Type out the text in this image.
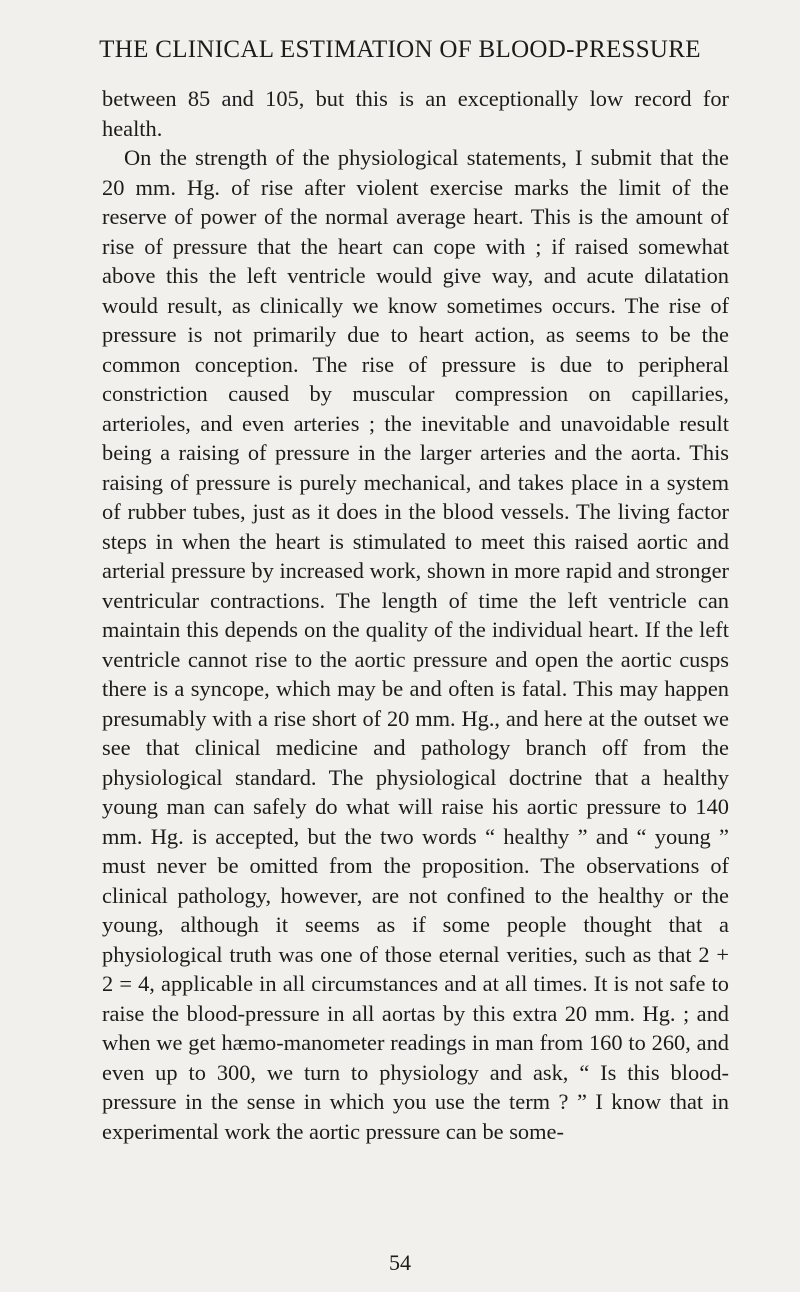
THE CLINICAL ESTIMATION OF BLOOD-PRESSURE

between 85 and 105, but this is an exceptionally low record for health.

On the strength of the physiological statements, I submit that the 20 mm. Hg. of rise after violent exercise marks the limit of the reserve of power of the normal average heart. This is the amount of rise of pressure that the heart can cope with ; if raised somewhat above this the left ventricle would give way, and acute dilatation would result, as clinically we know sometimes occurs. The rise of pressure is not primarily due to heart action, as seems to be the common conception. The rise of pressure is due to peripheral constriction caused by muscular compression on capillaries, arterioles, and even arteries ; the inevitable and unavoidable result being a raising of pressure in the larger arteries and the aorta. This raising of pressure is purely mechanical, and takes place in a system of rubber tubes, just as it does in the blood vessels. The living factor steps in when the heart is stimulated to meet this raised aortic and arterial pressure by increased work, shown in more rapid and stronger ventricular contractions. The length of time the left ventricle can maintain this depends on the quality of the individual heart. If the left ventricle cannot rise to the aortic pressure and open the aortic cusps there is a syncope, which may be and often is fatal. This may happen presumably with a rise short of 20 mm. Hg., and here at the outset we see that clinical medicine and pathology branch off from the physiological standard. The physiological doctrine that a healthy young man can safely do what will raise his aortic pressure to 140 mm. Hg. is accepted, but the two words “ healthy ” and “ young ” must never be omitted from the proposition. The observations of clinical pathology, however, are not confined to the healthy or the young, although it seems as if some people thought that a physiological truth was one of those eternal verities, such as that 2 + 2 = 4, applicable in all circumstances and at all times. It is not safe to raise the blood-pressure in all aortas by this extra 20 mm. Hg. ; and when we get hæmo-manometer readings in man from 160 to 260, and even up to 300, we turn to physiology and ask, “ Is this blood-pressure in the sense in which you use the term ? ” I know that in experimental work the aortic pressure can be some-

54
